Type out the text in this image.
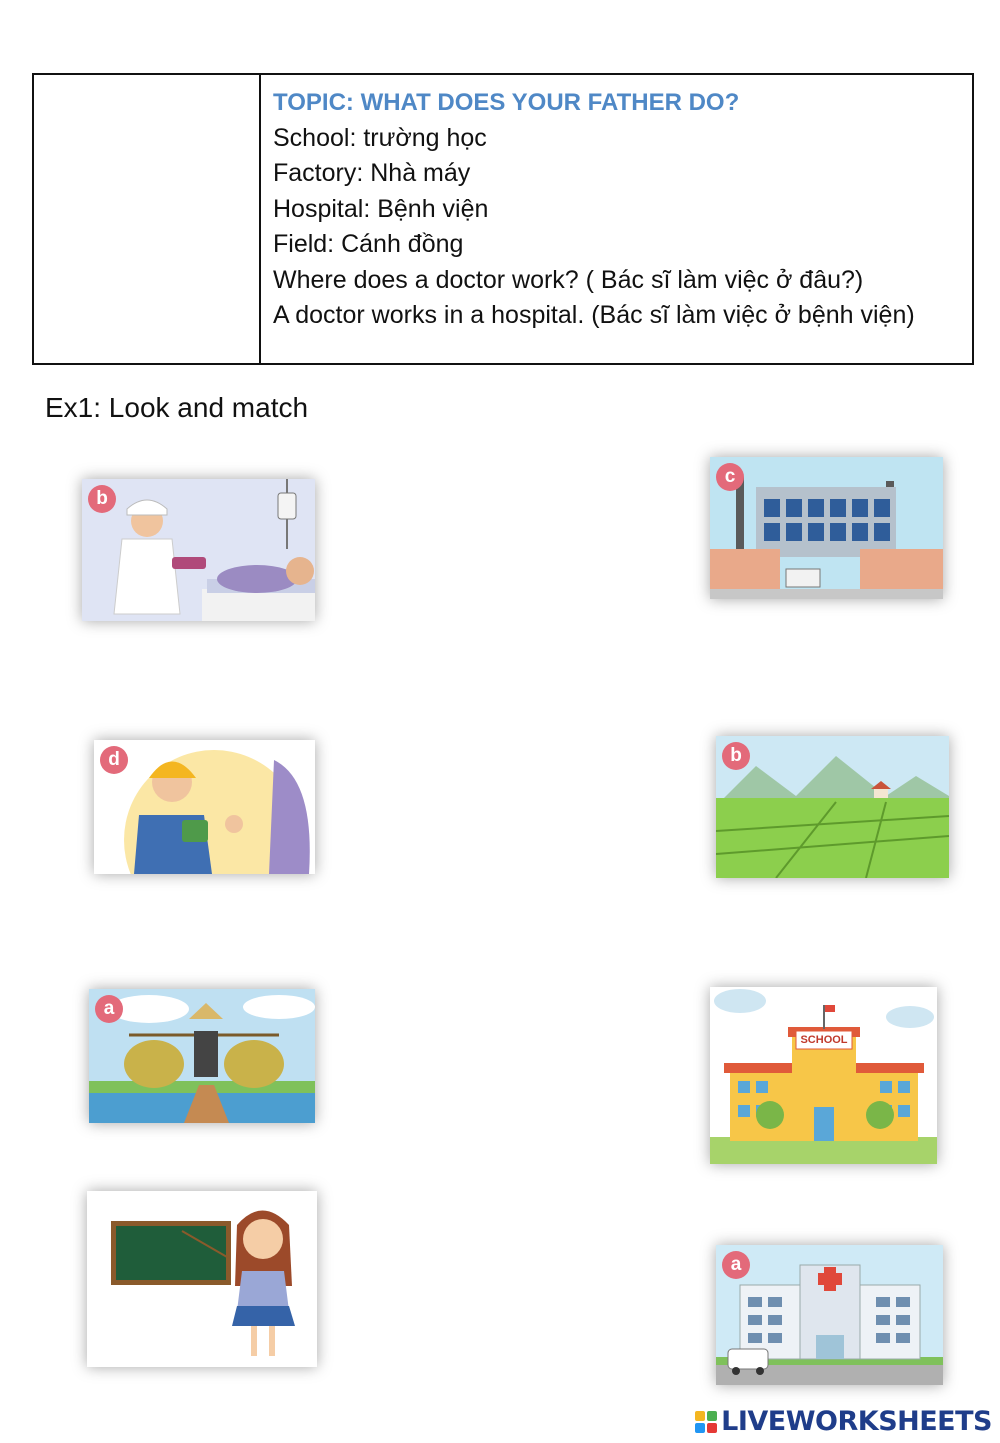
TOPIC: WHAT DOES YOUR FATHER DO?
School: trường học
Factory: Nhà máy
Hospital: Bệnh viện
Field: Cánh đồng
Where does a doctor work? ( Bác sĩ làm việc ở đâu?)
A doctor works in a hospital. (Bác sĩ làm việc ở bệnh viện)
Ex1: Look and match
b
d
a
c
b
SCHOOL
a
LIVEWORKSHEETS
